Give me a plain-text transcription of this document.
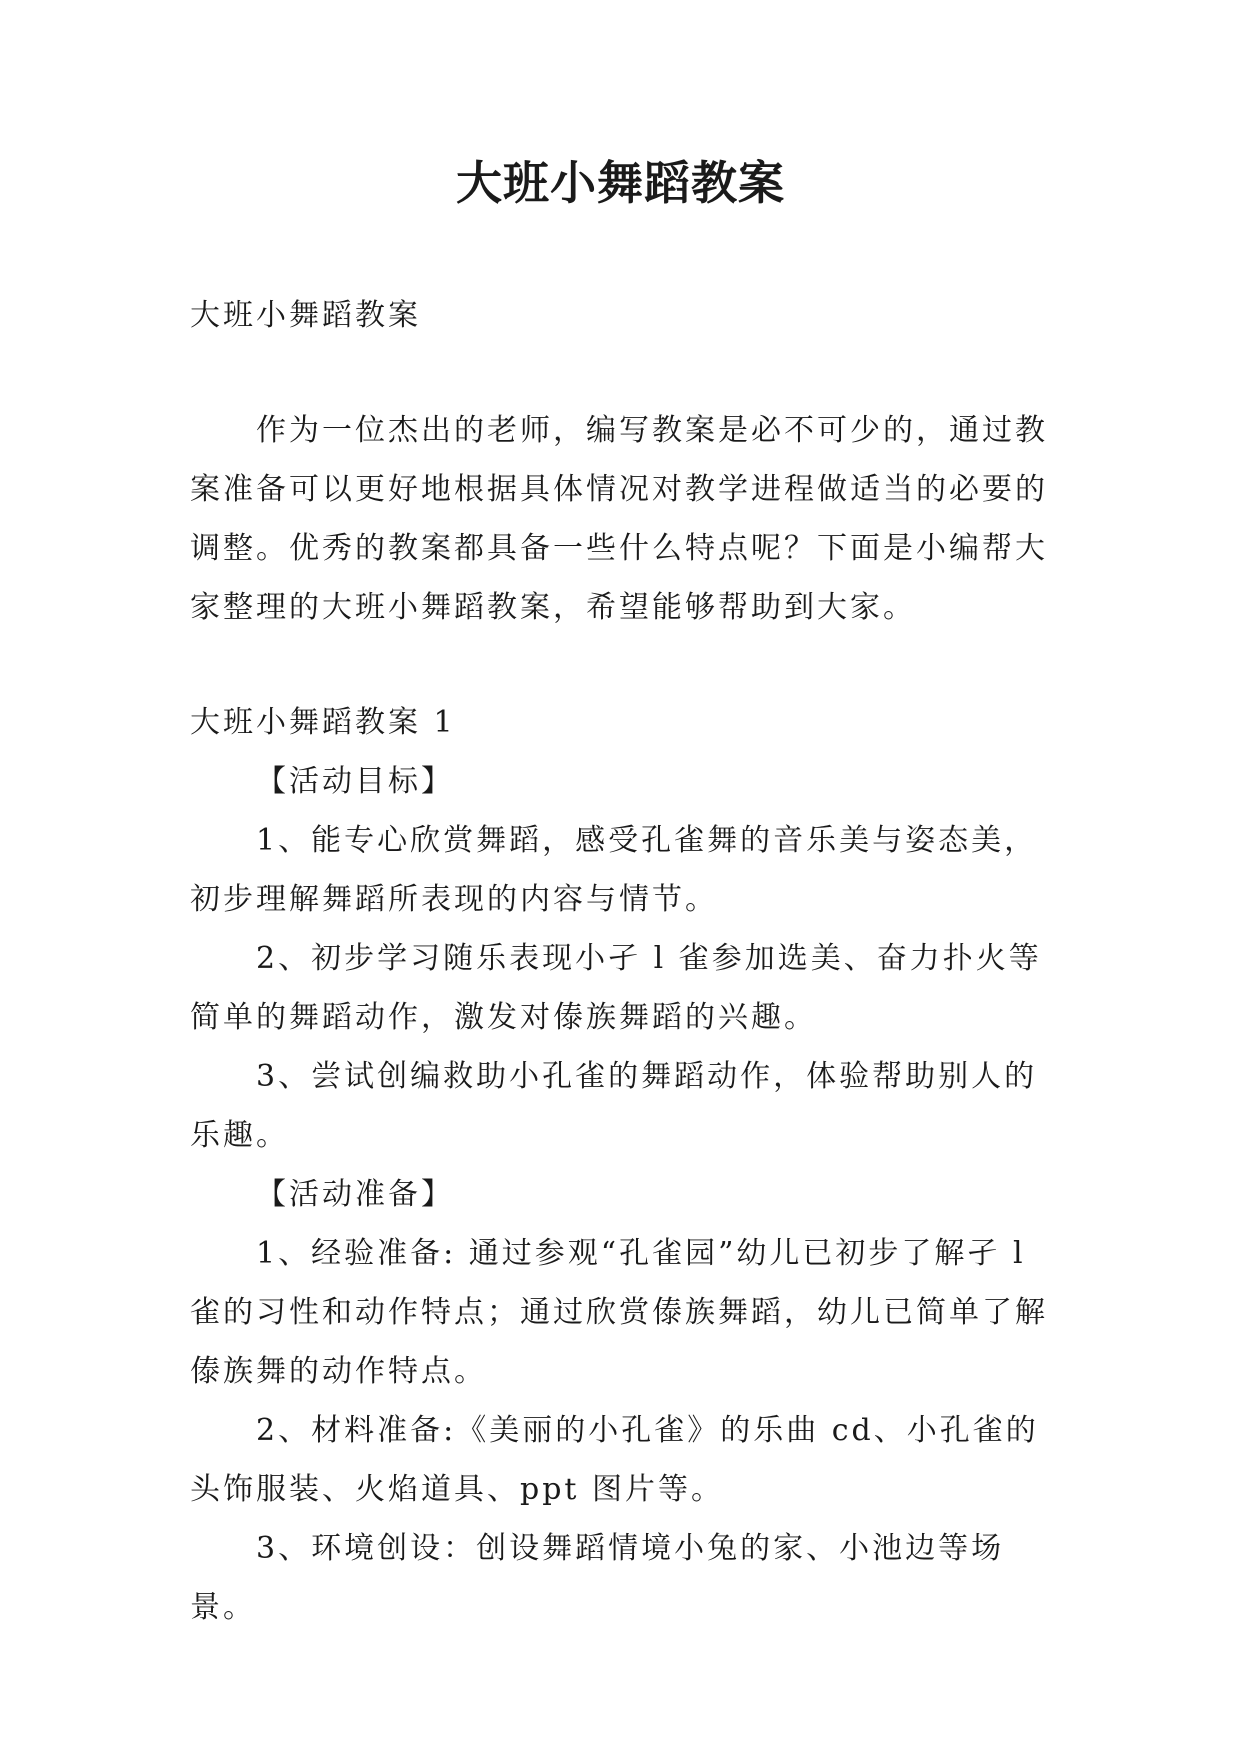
大班小舞蹈教案

大班小舞蹈教案

作为一位杰出的老师，编写教案是必不可少的，通过教案准备可以更好地根据具体情况对教学进程做适当的必要的调整。优秀的教案都具备一些什么特点呢？下面是小编帮大家整理的大班小舞蹈教案，希望能够帮助到大家。

大班小舞蹈教案 1

【活动目标】

1、能专心欣赏舞蹈，感受孔雀舞的音乐美与姿态美，初步理解舞蹈所表现的内容与情节。

2、初步学习随乐表现小孑 l 雀参加选美、奋力扑火等简单的舞蹈动作，激发对傣族舞蹈的兴趣。

3、尝试创编救助小孔雀的舞蹈动作，体验帮助别人的乐趣。

【活动准备】

1、经验准备: 通过参观“孔雀园”幼儿已初步了解孑 l 雀的习性和动作特点；通过欣赏傣族舞蹈，幼儿已简单了解傣族舞的动作特点。

2、材料准备:《美丽的小孔雀》的乐曲 cd、小孔雀的头饰服装、火焰道具、ppt 图片等。

3、环境创设：创设舞蹈情境小兔的家、小池边等场景。
